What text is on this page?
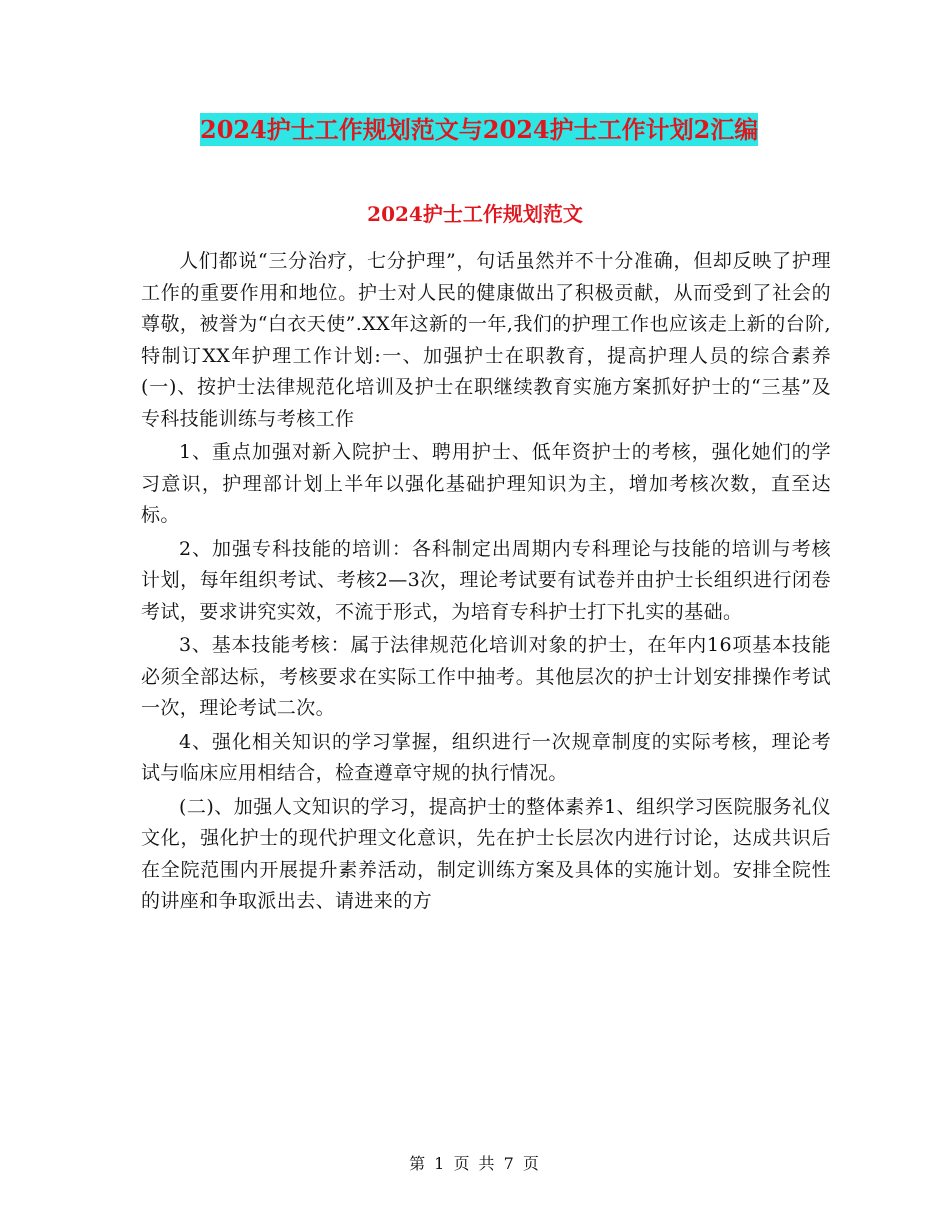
2024护士工作规划范文与2024护士工作计划2汇编
2024护士工作规划范文

人们都说“三分治疗，七分护理”，句话虽然并不十分准确，但却反映了护理工作的重要作用和地位。护士对人民的健康做出了积极贡献，从而受到了社会的尊敬，被誉为“白衣天使”.XX年这新的一年,我们的护理工作也应该走上新的台阶,特制订XX年护理工作计划:一、加强护士在职教育，提高护理人员的综合素养(一)、按护士法律规范化培训及护士在职继续教育实施方案抓好护士的“三基”及专科技能训练与考核工作

1、重点加强对新入院护士、聘用护士、低年资护士的考核，强化她们的学习意识，护理部计划上半年以强化基础护理知识为主，增加考核次数，直至达标。

2、加强专科技能的培训：各科制定出周期内专科理论与技能的培训与考核计划，每年组织考试、考核2—3次，理论考试要有试卷并由护士长组织进行闭卷考试，要求讲究实效，不流于形式，为培育专科护士打下扎实的基础。

3、基本技能考核：属于法律规范化培训对象的护士，在年内16项基本技能必须全部达标，考核要求在实际工作中抽考。其他层次的护士计划安排操作考试一次，理论考试二次。

4、强化相关知识的学习掌握，组织进行一次规章制度的实际考核，理论考试与临床应用相结合，检查遵章守规的执行情况。

(二)、加强人文知识的学习，提高护士的整体素养1、组织学习医院服务礼仪文化，强化护士的现代护理文化意识，先在护士长层次内进行讨论，达成共识后在全院范围内开展提升素养活动，制定训练方案及具体的实施计划。安排全院性的讲座和争取派出去、请进来的方

第 1 页 共 7 页
